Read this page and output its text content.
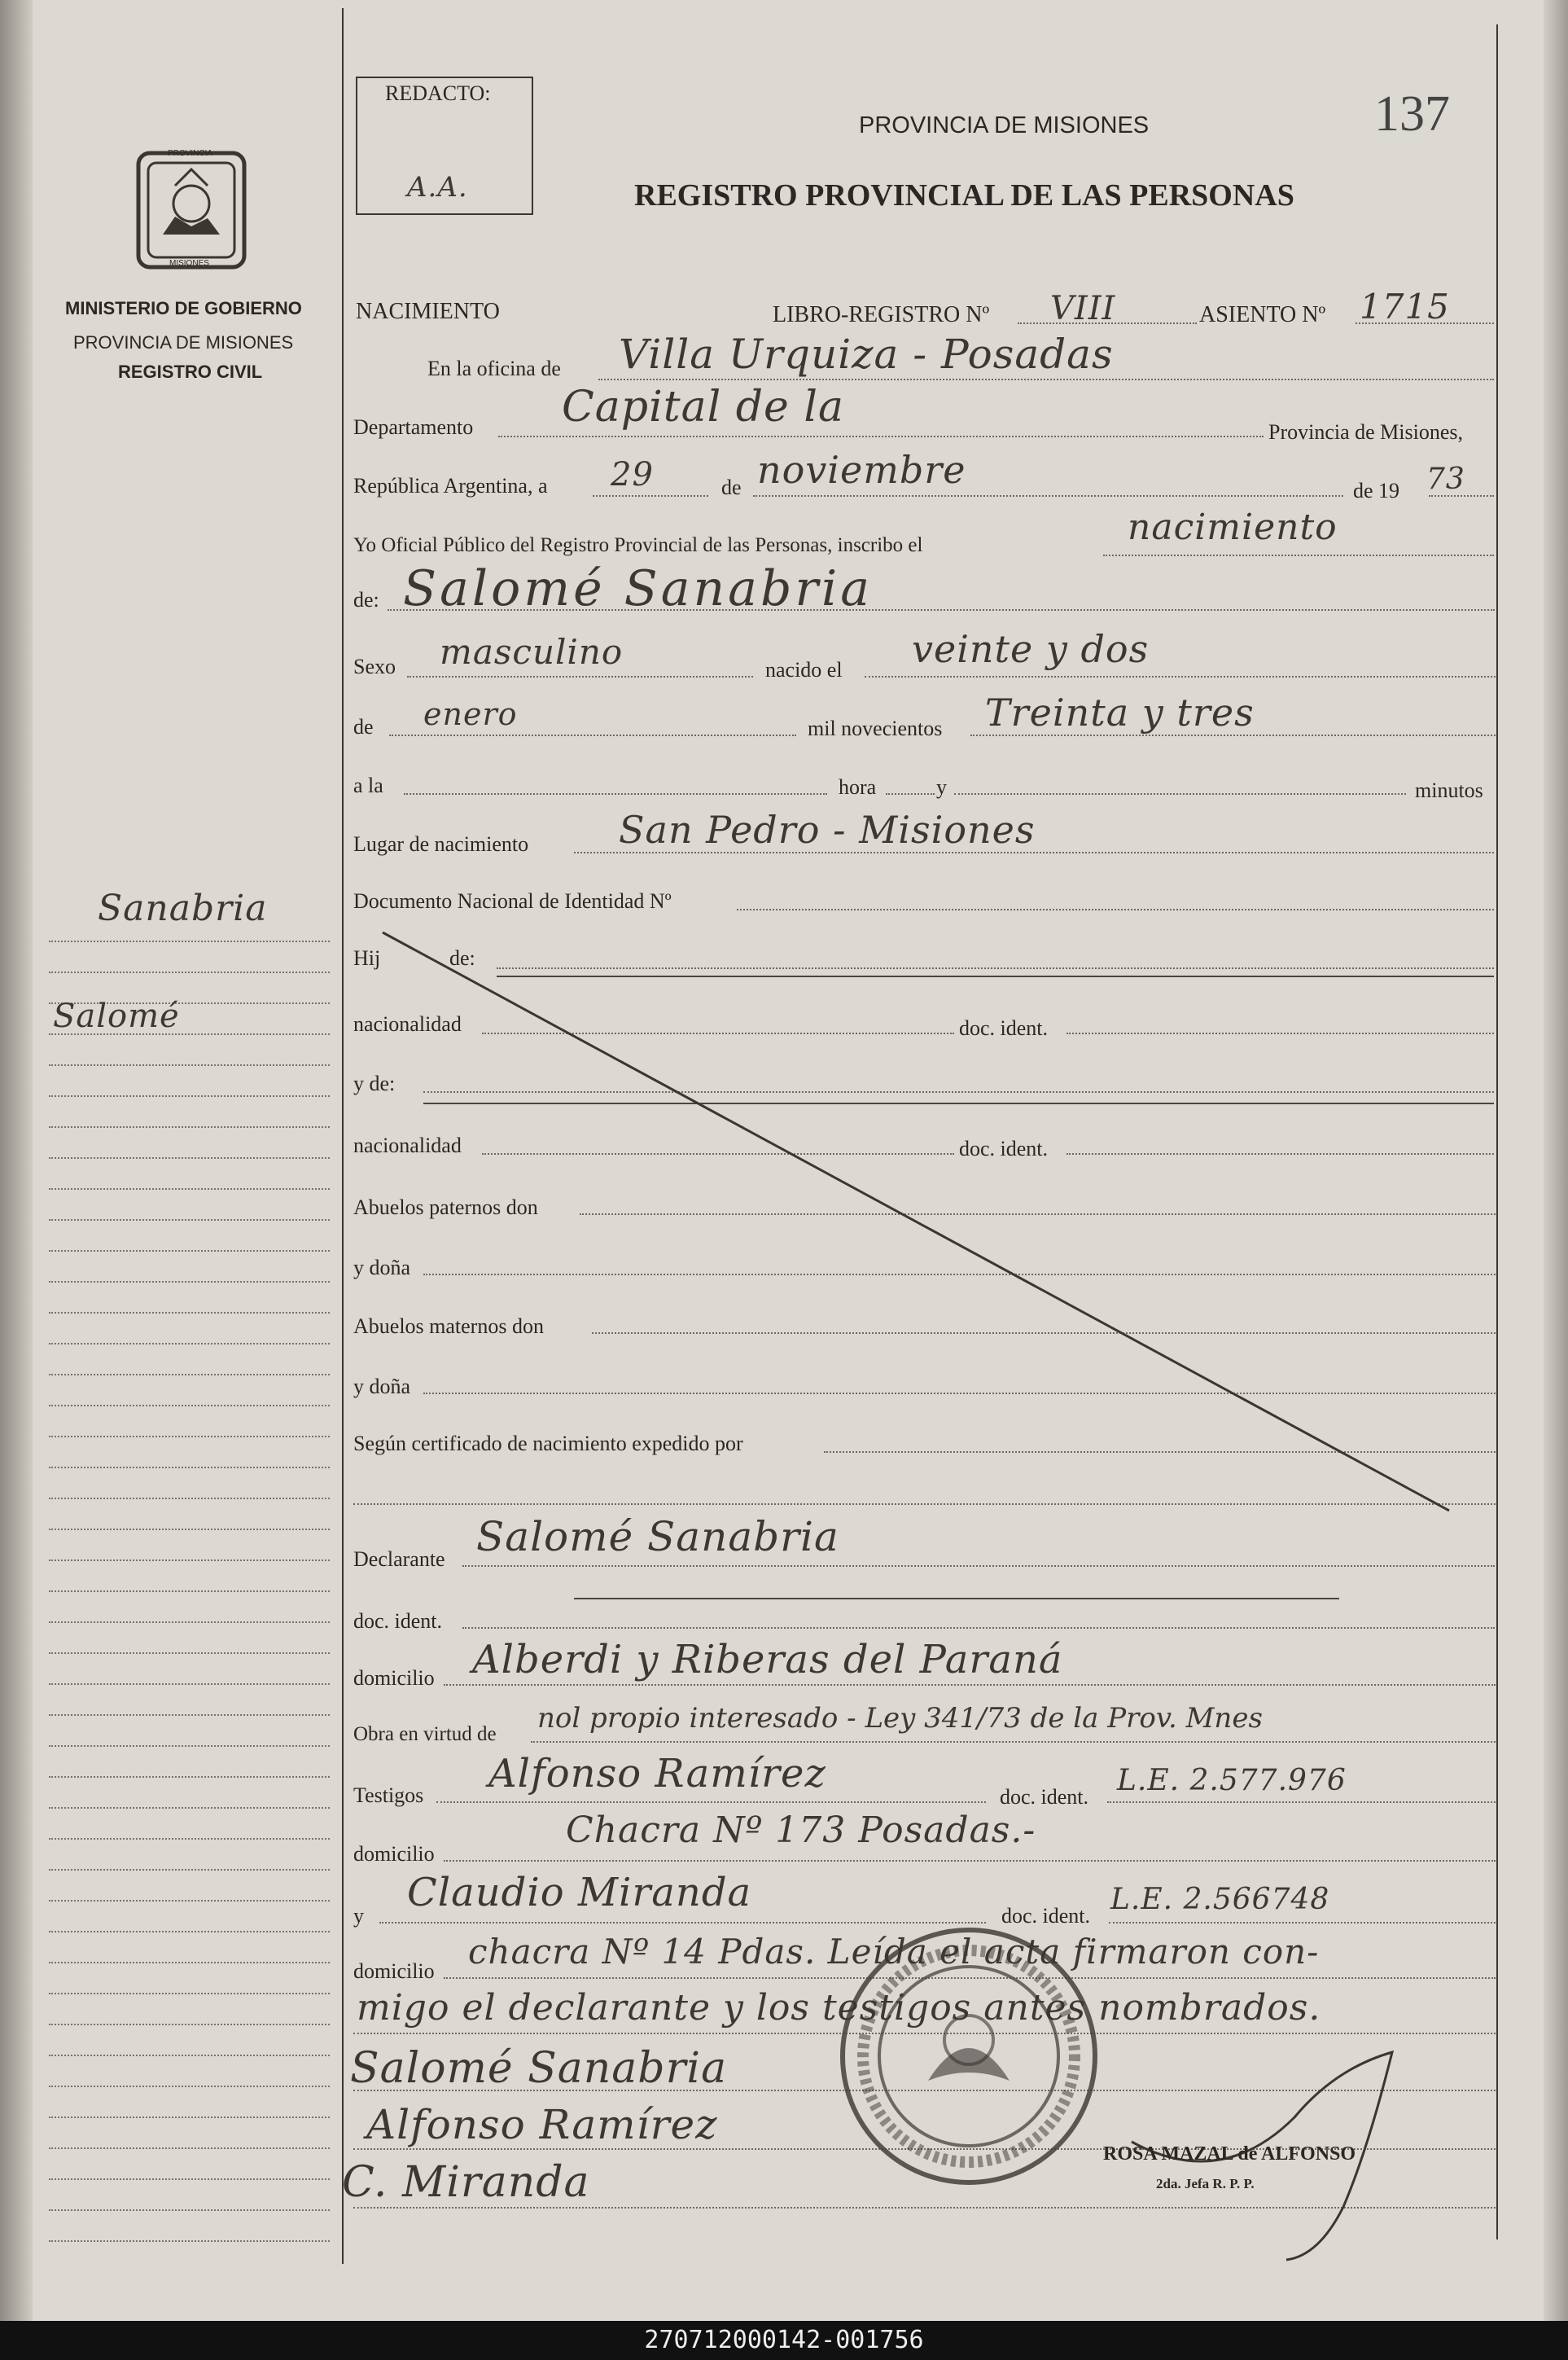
REDACTO:
A.A.
PROVINCIA DE MISIONES
REGISTRO PROVINCIAL DE LAS PERSONAS
137
PROVINCIA
MISIONES
MINISTERIO DE GOBIERNO
PROVINCIA DE MISIONES
REGISTRO CIVIL
Sanabria
Salomé
NACIMIENTO	LIBRO-REGISTRO Nº VIII	ASIENTO Nº 1715
En la oficina de Villa Urquiza - Posadas
Departamento Capital de la
Provincia de Misiones,
República Argentina, a 29	de noviembre	de 19 73
Yo Oficial Público del Registro Provincial de las Personas, inscribo el	nacimiento
de: Salomé Sanabria
Sexo masculino	nacido el veinte y dos
de enero	mil novecientos Treinta y tres
a la	hora	y	minutos
Lugar de nacimiento San Pedro - Misiones
Documento Nacional de Identidad Nº
Hij	de:
nacionalidad	doc. ident.
y de:
nacionalidad	doc. ident.
Abuelos paternos don
y doña
Abuelos maternos don
y doña
Según certificado de nacimiento expedido por
Declarante Salomé Sanabria
doc. ident.
domicilio Alberdi y Riberas del Paraná
Obra en virtud de nol propio interesado - Ley 341/73 de la Prov. Mnes
Testigos Alfonso Ramírez
doc. ident. L.E. 2.577.976
domicilio
Chacra Nº 173 Posadas.-
y
Claudio Miranda
doc. ident. L.E. 2.566748
domicilio chacra Nº 14 Pdas. Leída el acta firmaron con-
migo el declarante y los testigos antes nombrados.
Salomé Sanabria
Alfonso Ramírez
C. Miranda
ROSA MAZAL de ALFONSO
2da. Jefa R. P. P.
270712000142-001756
